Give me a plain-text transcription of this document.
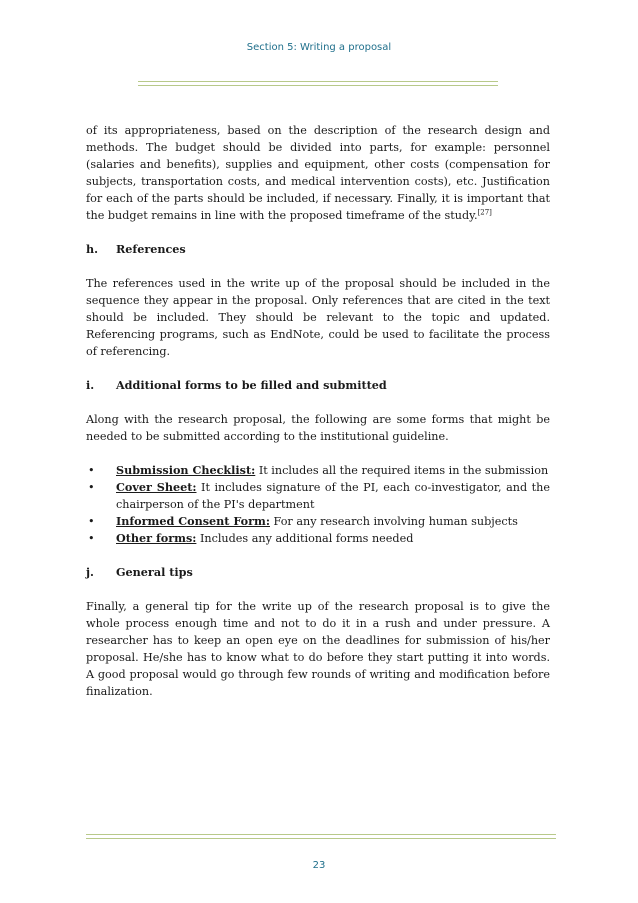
Section 5: Writing a proposal

of its appropriateness, based on the description of the research design and methods. The budget should be divided into parts, for example: personnel (salaries and benefits), supplies and equipment, other costs (compensation for subjects, transportation costs, and medical intervention costs), etc. Justification for each of the parts should be included, if necessary. Finally, it is important that the budget remains in line with the proposed timeframe of the study.[27]

h.	References

The references used in the write up of the proposal should be included in the sequence they appear in the proposal. Only references that are cited in the text should be included. They should be relevant to the topic and updated. Referencing programs, such as EndNote, could be used to facilitate the process of referencing.

i.	Additional forms to be filled and submitted

Along with the research proposal, the following are some forms that might be needed to be submitted according to the institutional guideline.

• Submission Checklist: It includes all the required items in the submission
• Cover Sheet: It includes signature of the PI, each co-investigator, and the chairperson of the PI's department
• Informed Consent Form: For any research involving human subjects
• Other forms: Includes any additional forms needed
j.	General tips

Finally, a general tip for the write up of the research proposal is to give the whole process enough time and not to do it in a rush and under pressure. A researcher has to keep an open eye on the deadlines for submission of his/her proposal. He/she has to know what to do before they start putting it into words. A good proposal would go through few rounds of writing and modification before finalization.

23
